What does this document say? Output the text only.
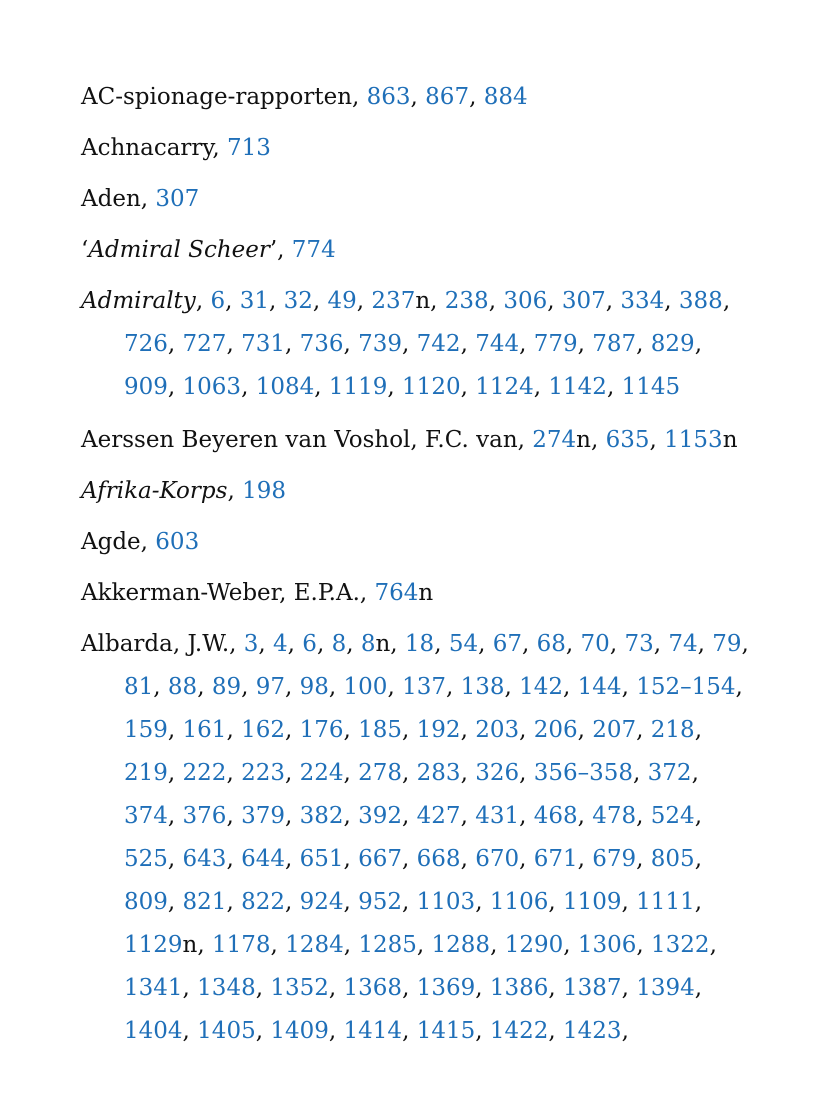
AC-spionage-rapporten, 863, 867, 884
Achnacarry, 713
Aden, 307
‘Admiral Scheer’, 774
Admiralty, 6, 31, 32, 49, 237n, 238, 306, 307, 334, 388, 726, 727, 731, 736, 739, 742, 744, 779, 787, 829, 909, 1063, 1084, 1119, 1120, 1124, 1142, 1145
Aerssen Beyeren van Voshol, F.C. van, 274n, 635, 1153n
Afrika-Korps, 198
Agde, 603
Akkerman-Weber, E.P.A., 764n
Albarda, J.W., 3, 4, 6, 8, 8n, 18, 54, 67, 68, 70, 73, 74, 79, 81, 88, 89, 97, 98, 100, 137, 138, 142, 144, 152–154, 159, 161, 162, 176, 185, 192, 203, 206, 207, 218, 219, 222, 223, 224, 278, 283, 326, 356–358, 372, 374, 376, 379, 382, 392, 427, 431, 468, 478, 524, 525, 643, 644, 651, 667, 668, 670, 671, 679, 805, 809, 821, 822, 924, 952, 1103, 1106, 1109, 1111, 1129n, 1178, 1284, 1285, 1288, 1290, 1306, 1322, 1341, 1348, 1352, 1368, 1369, 1386, 1387, 1394, 1404, 1405, 1409, 1414, 1415, 1422, 1423,
